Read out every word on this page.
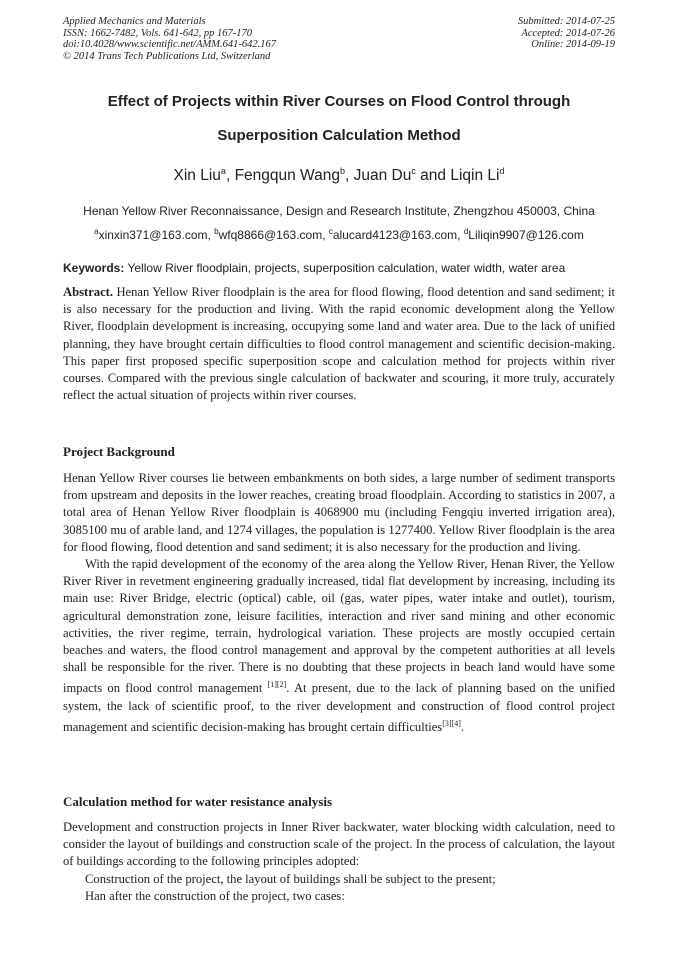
Applied Mechanics and Materials
ISSN: 1662-7482, Vols. 641-642, pp 167-170
doi:10.4028/www.scientific.net/AMM.641-642.167
© 2014 Trans Tech Publications Ltd, Switzerland
Submitted: 2014-07-25
Accepted: 2014-07-26
Online: 2014-09-19
Effect of Projects within River Courses on Flood Control through
Superposition Calculation Method
Xin Liu$^a$, Fengqun Wang$^b$, Juan Du$^c$ and Liqin Li$^d$
Henan Yellow River Reconnaissance, Design and Research Institute, Zhengzhou 450003, China
$^a$xinxin371@163.com, $^b$wfq8866@163.com, $^c$alucard4123@163.com, $^d$Liliqin9907@126.com
Keywords: Yellow River floodplain, projects, superposition calculation, water width, water area

Abstract. Henan Yellow River floodplain is the area for flood flowing, flood detention and sand sediment; it is also necessary for the production and living. With the rapid economic development along the Yellow River, floodplain development is increasing, occupying some land and water area. Due to the lack of unified planning, they have brought certain difficulties to flood control management and scientific decision-making. This paper first proposed specific superposition scope and calculation method for projects within river courses. Compared with the previous single calculation of backwater and scouring, it more truly, accurately reflect the actual situation of projects within river courses.

Project Background

Henan Yellow River courses lie between embankments on both sides, a large number of sediment transports from upstream and deposits in the lower reaches, creating broad floodplain. According to statistics in 2007, a total area of Henan Yellow River floodplain is 4068900 mu (including Fengqiu inverted irrigation area), 3085100 mu of arable land, and 1274 villages, the population is 1277400. Yellow River floodplain is the area for flood flowing, flood detention and sand sediment; it is also necessary for the production and living.

With the rapid development of the economy of the area along the Yellow River, Henan River, the Yellow River River in revetment engineering gradually increased, tidal flat development by increasing, including its main use: River Bridge, electric (optical) cable, oil (gas, water pipes, water intake and outlet), tourism, agricultural demonstration zone, leisure facilities, interaction and river sand mining and other economic activities, the river regime, terrain, hydrological variation. These projects are mostly occupied certain beaches and waters, the flood control management and approval by the competent authorities at all levels shall be responsible for the river. There is no doubting that these projects in beach land would have some impacts on flood control management [1][2]. At present, due to the lack of planning based on the unified system, the lack of scientific proof, to the river development and construction of flood control project management and scientific decision-making has brought certain difficulties[3][4].

Calculation method for water resistance analysis

Development and construction projects in Inner River backwater, water blocking width calculation, need to consider the layout of buildings and construction scale of the project. In the process of calculation, the layout of buildings according to the following principles adopted:

Construction of the project, the layout of buildings shall be subject to the present;

Han after the construction of the project, two cases:
